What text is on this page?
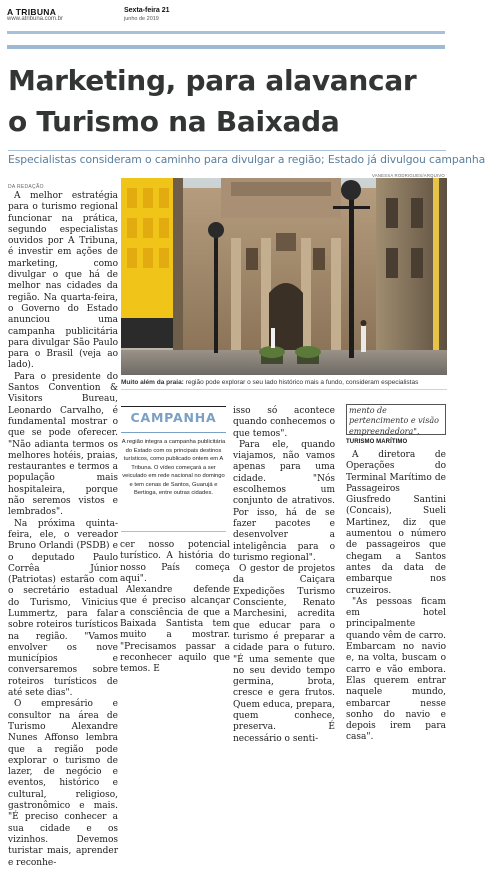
A TRIBUNA
www.atribuna.com.br
Sexta-feira 21
junho de 2019
Marketing, para alavancar
o Turismo na Baixada
Especialistas consideram o caminho para divulgar a região; Estado já divulgou campanha
DA REDAÇÃO
VANESSA RODRIGUES/ARQUIVO

A melhor estratégia para o turismo regional funcionar na prática, segundo especialistas ouvidos por A Tribuna, é investir em ações de marketing, como divulgar o que há de melhor nas cidades da região. Na quarta-feira, o Governo do Estado anunciou uma campanha publicitária para divulgar São Paulo para o Brasil (veja ao lado).

Para o presidente do Santos Convention & Visitors Bureau, Leonardo Carvalho, é fundamental mostrar o que se pode oferecer. "Não adianta termos os melhores hotéis, praias, restaurantes e termos a população mais hospitaleira, porque não seremos vistos e lembrados".

Na próxima quinta-feira, ele, o vereador Bruno Orlandi (PSDB) e o deputado Paulo Corrêa Júnior (Patriotas) estarão com o secretário estadual do Turismo, Vinicius Lummertz, para falar sobre roteiros turísticos na região. "Vamos envolver os nove municípios e conversaremos sobre roteiros turísticos de até sete dias".

O empresário e consultor na área de Turismo Alexandre Nunes Affonso lembra que a região pode explorar o turismo de lazer, de negócio e eventos, histórico e cultural, religioso, gastronômico e mais. "É preciso conhecer a sua cidade e os vizinhos. Devemos turistar mais, aprender e reconhe-

Muito além da praia: região pode explorar o seu lado histórico mais a fundo, consideram especialistas
CAMPANHA
A região integra a campanha publicitária do Estado com os principais destinos turísticos, como publicado ontem em A Tribuna. O vídeo começará a ser veiculado em rede nacional no domingo e tem cenas de Santos, Guarujá e Bertioga, entre outras cidades.

cer nosso potencial turístico. A história do nosso País começa aqui".

Alexandre defende que é preciso alcançar a consciência de que a Baixada Santista tem muito a mostrar. "Precisamos passar a reconhecer aquilo que temos. E

isso só acontece quando conhecemos o que temos".

Para ele, quando viajamos, não vamos apenas para uma cidade. "Nós escolhemos um conjunto de atrativos. Por isso, há de se fazer pacotes e desenvolver a inteligência para o turismo regional".

O gestor de projetos da Caiçara Expedições Turismo Consciente, Renato Marchesini, acredita que educar para o turismo é preparar a cidade para o futuro. "É uma semente que no seu devido tempo germina, brota, cresce e gera frutos. Quem educa, prepara, quem conhece, preserva. É necessário o senti-

mento de pertencimento e visão empreendedora".
TURISMO MARÍTIMO

A diretora de Operações do Terminal Marítimo de Passageiros Giusfredo Santini (Concais), Sueli Martinez, diz que aumentou o número de passageiros que chegam a Santos antes da data de embarque nos cruzeiros.

"As pessoas ficam em hotel principalmente quando vêm de carro. Embarcam no navio e, na volta, buscam o carro e vão embora. Elas querem entrar naquele mundo, embarcar nesse sonho do navio e depois irem para casa".
